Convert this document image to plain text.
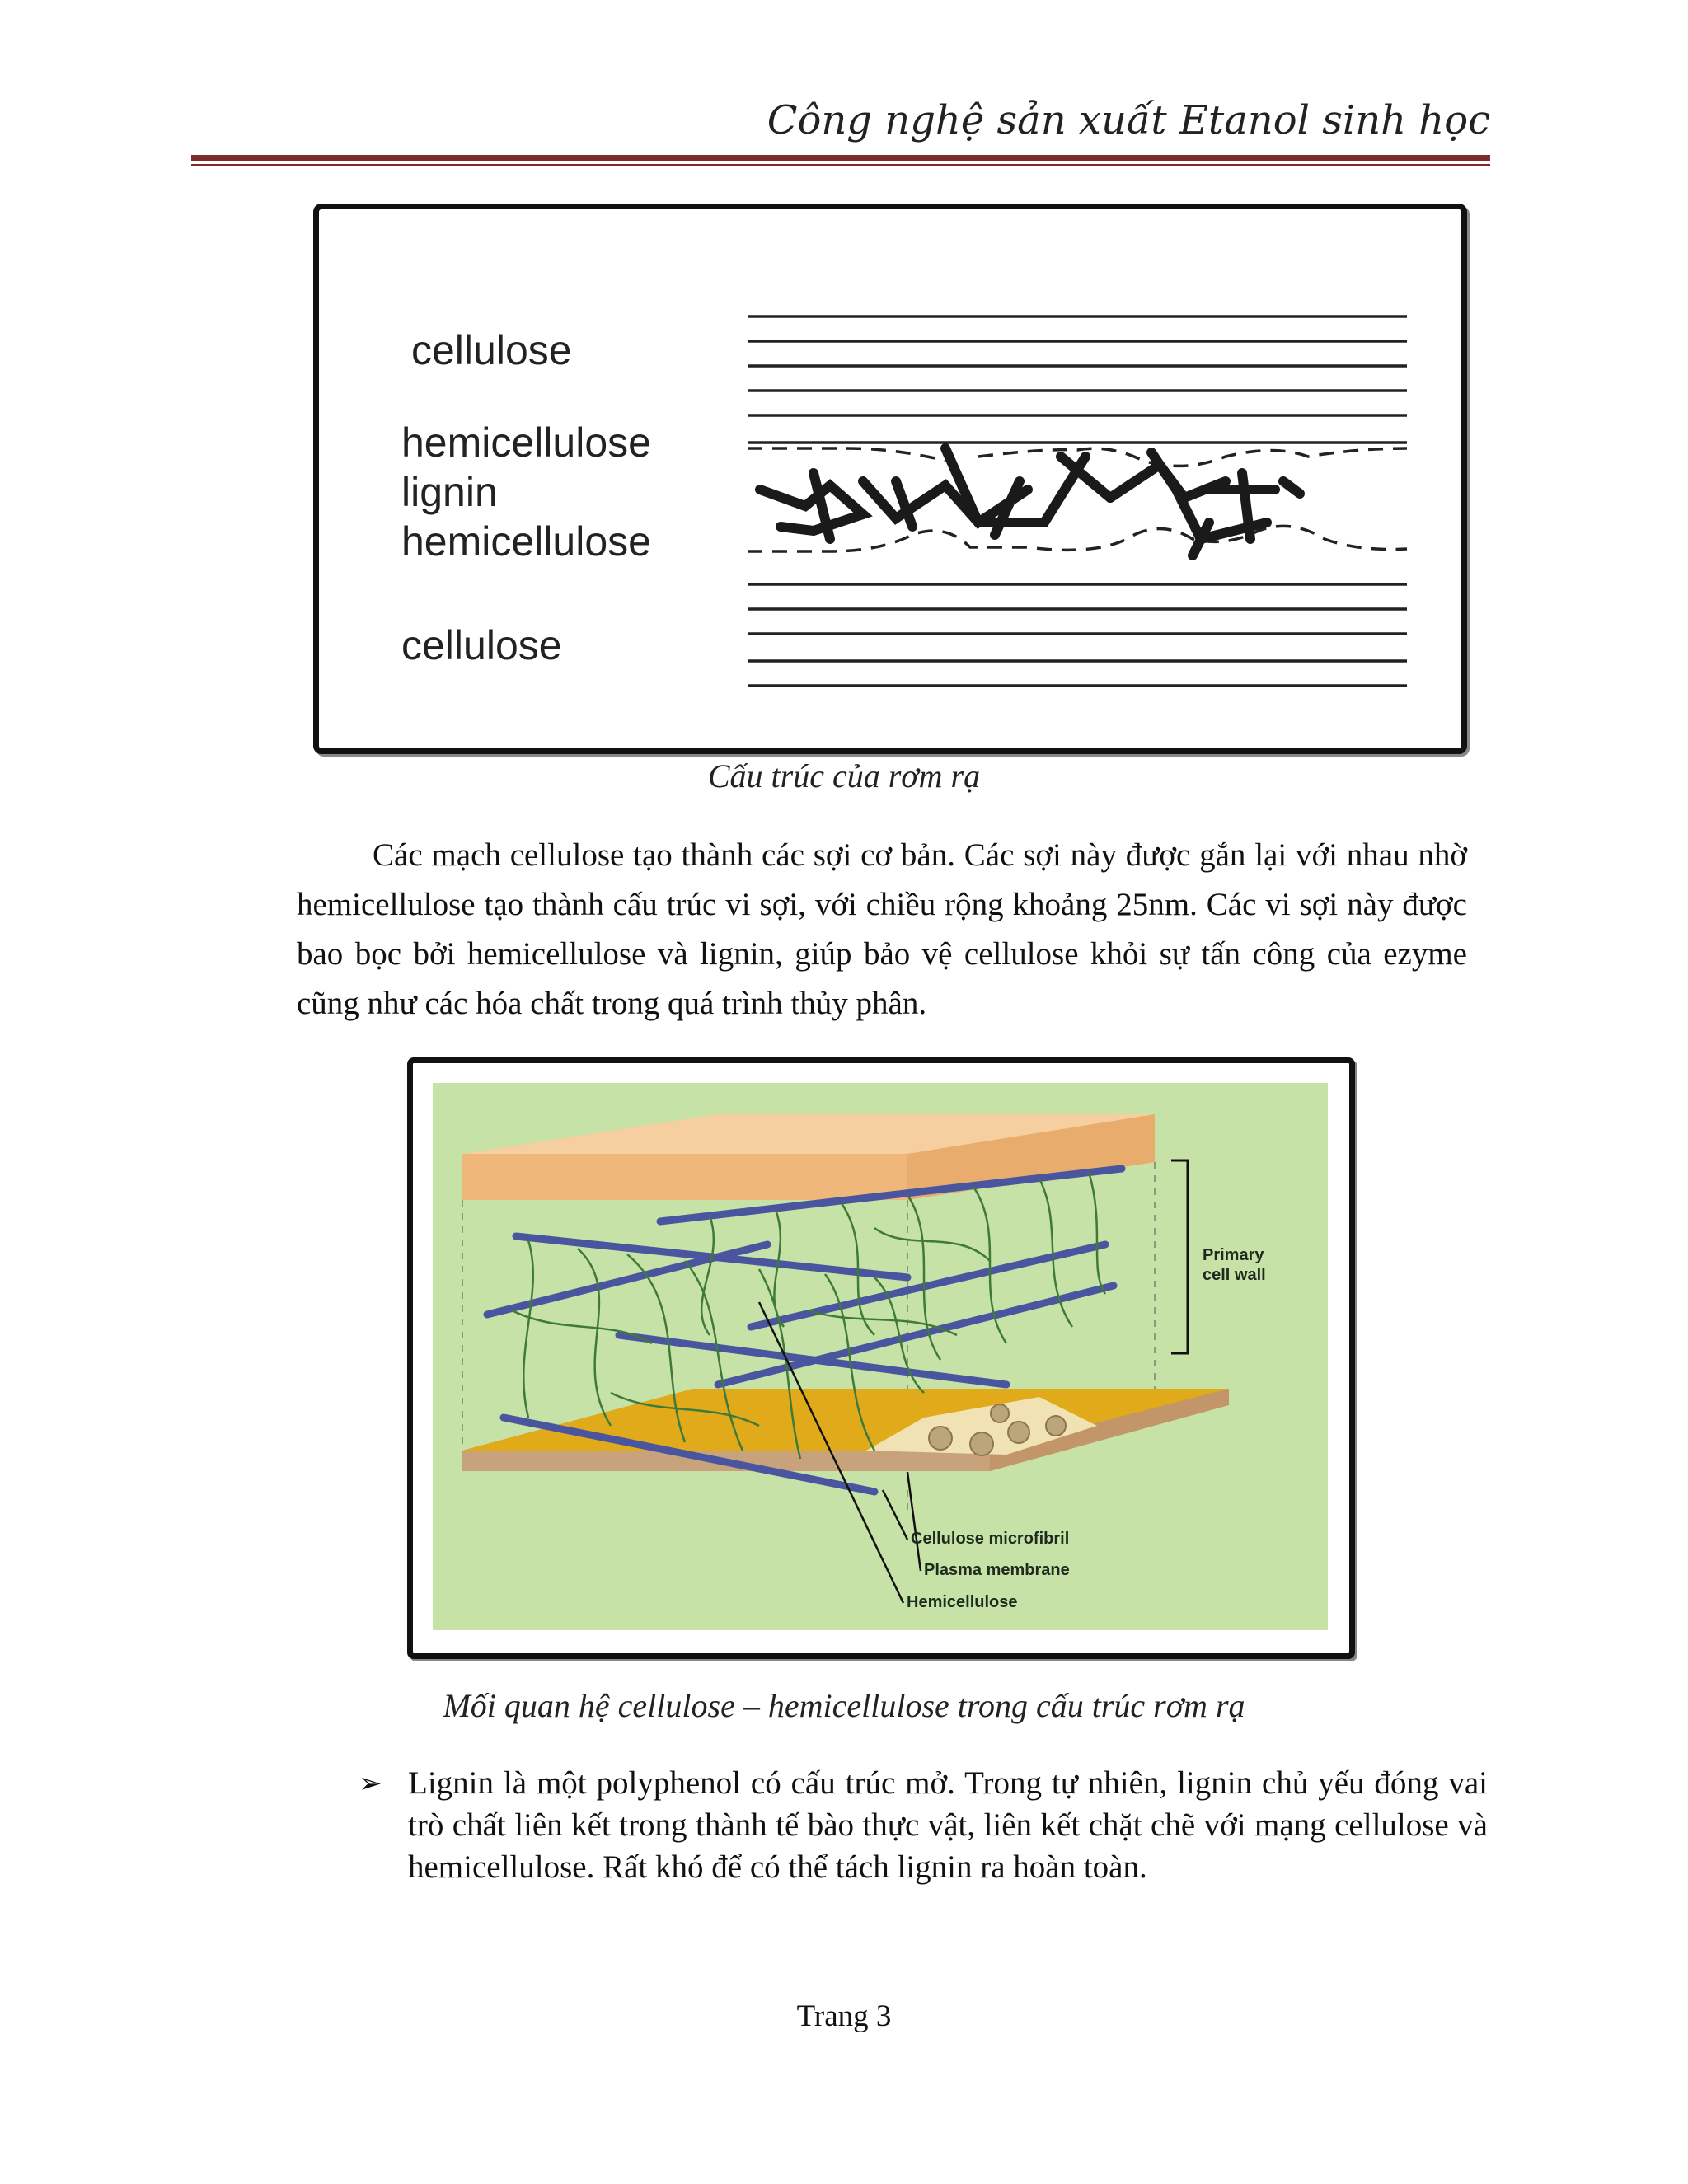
Công nghệ sản xuất Etanol sinh học
cellulose
hemicellulose
lignin
hemicellulose
cellulose

Cấu trúc của rơm rạ

Các mạch cellulose tạo thành các sợi cơ bản. Các sợi này được gắn lại với nhau nhờ hemicellulose tạo thành cấu trúc vi sợi, với chiều rộng khoảng 25nm. Các vi sợi này được bao bọc bởi hemicellulose và lignin, giúp bảo vệ cellulose khỏi sự tấn công của ezyme cũng như các hóa chất trong quá trình thủy phân.

Primary
cell wall
Cellulose microfibril
Plasma membrane
Hemicellulose

Mối quan hệ cellulose – hemicellulose trong cấu trúc rơm rạ

➢ Lignin là một polyphenol có cấu trúc mở. Trong tự nhiên, lignin chủ yếu đóng vai trò chất liên kết trong thành tế bào thực vật, liên kết chặt chẽ với mạng cellulose và hemicellulose. Rất khó để có thể tách lignin ra hoàn toàn.

Trang 3
